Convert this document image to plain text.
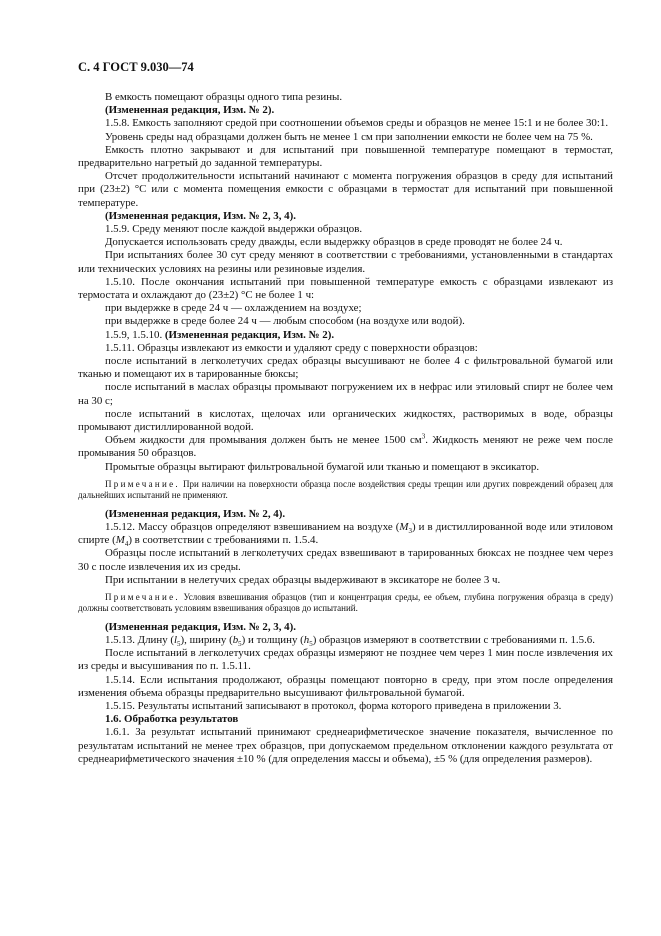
С. 4 ГОСТ 9.030—74

В емкость помещают образцы одного типа резины.

(Измененная редакция, Изм. № 2).

1.5.8. Емкость заполняют средой при соотношении объемов среды и образцов не менее 15:1 и не более 30:1.

Уровень среды над образцами должен быть не менее 1 см при заполнении емкости не более чем на 75 %.

Емкость плотно закрывают и для испытаний при повышенной температуре помещают в термостат, предварительно нагретый до заданной температуры.

Отсчет продолжительности испытаний начинают с момента погружения образцов в среду для испытаний при (23±2) °С или с момента помещения емкости с образцами в термостат для испытаний при повышенной температуре.

(Измененная редакция, Изм. № 2, 3, 4).

1.5.9. Среду меняют после каждой выдержки образцов.

Допускается использовать среду дважды, если выдержку образцов в среде проводят не более 24 ч.

При испытаниях более 30 сут среду меняют в соответствии с требованиями, установленными в стандартах или технических условиях на резины или резиновые изделия.

1.5.10. После окончания испытаний при повышенной температуре емкость с образцами извлекают из термостата и охлаждают до (23±2) °С не более 1 ч:

при выдержке в среде 24 ч — охлаждением на воздухе;

при выдержке в среде более 24 ч — любым способом (на воздухе или водой).

1.5.9, 1.5.10. (Измененная редакция, Изм. № 2).

1.5.11. Образцы извлекают из емкости и удаляют среду с поверхности образцов:

после испытаний в легколетучих средах образцы высушивают не более 4 с фильтровальной бумагой или тканью и помещают их в тарированные бюксы;

после испытаний в маслах образцы промывают погружением их в нефрас или этиловый спирт не более чем на 30 с;

после испытаний в кислотах, щелочах или органических жидкостях, растворимых в воде, образцы промывают дистиллированной водой.

Объем жидкости для промывания должен быть не менее 1500 $см^3$. Жидкость меняют не реже чем после промывания 50 образцов.

Промытые образцы вытирают фильтровальной бумагой или тканью и помещают в эксикатор.

Примечание. При наличии на поверхности образца после воздействия среды трещин или других повреждений образец для дальнейших испытаний не применяют.

(Измененная редакция, Изм. № 2, 4).

1.5.12. Массу образцов определяют взвешиванием на воздухе $(M_3)$ и в дистиллированной воде или этиловом спирте $(M_4)$ в соответствии с требованиями п. 1.5.4.

Образцы после испытаний в легколетучих средах взвешивают в тарированных бюксах не позднее чем через 30 с после извлечения их из среды.

При испытании в нелетучих средах образцы выдерживают в эксикаторе не более 3 ч.

Примечание. Условия взвешивания образцов (тип и концентрация среды, ее объем, глубина погружения образца в среду) должны соответствовать условиям взвешивания образцов до испытаний.

(Измененная редакция, Изм. № 2, 3, 4).

1.5.13. Длину $(l_5)$, ширину $(b_5)$ и толщину $(h_5)$ образцов измеряют в соответствии с требованиями п. 1.5.6.

После испытаний в легколетучих средах образцы измеряют не позднее чем через 1 мин после извлечения их из среды и высушивания по п. 1.5.11.

1.5.14. Если испытания продолжают, образцы помещают повторно в среду, при этом после определения изменения объема образцы предварительно высушивают фильтровальной бумагой.

1.5.15. Результаты испытаний записывают в протокол, форма которого приведена в приложении 3.

1.6. Обработка результатов

1.6.1. За результат испытаний принимают среднеарифметическое значение показателя, вычисленное по результатам испытаний не менее трех образцов, при допускаемом предельном отклонении каждого результата от среднеарифметического значения ±10 % (для определения массы и объема), ±5 % (для определения размеров).
